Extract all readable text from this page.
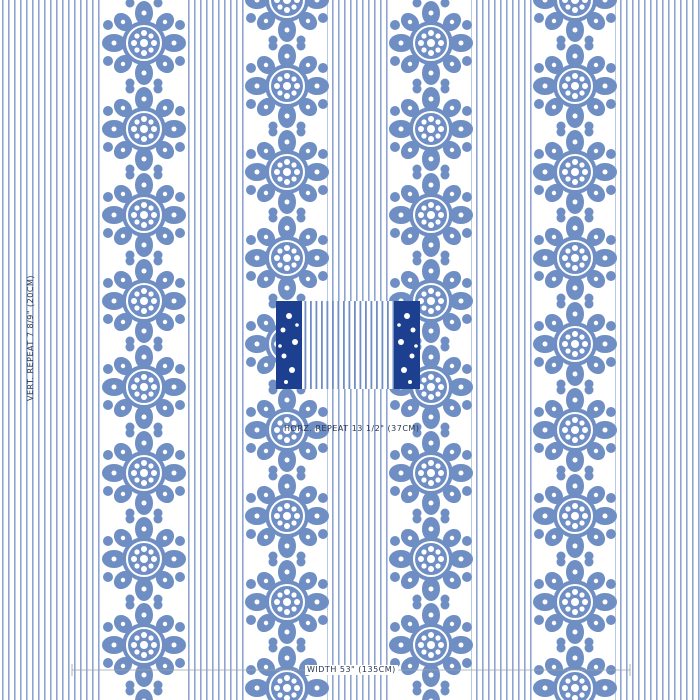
VERT. REPEAT 7 8/9" (20CM)
HORZ. REPEAT 13 1/2" (37CM)
WIDTH 53" (135CM)
